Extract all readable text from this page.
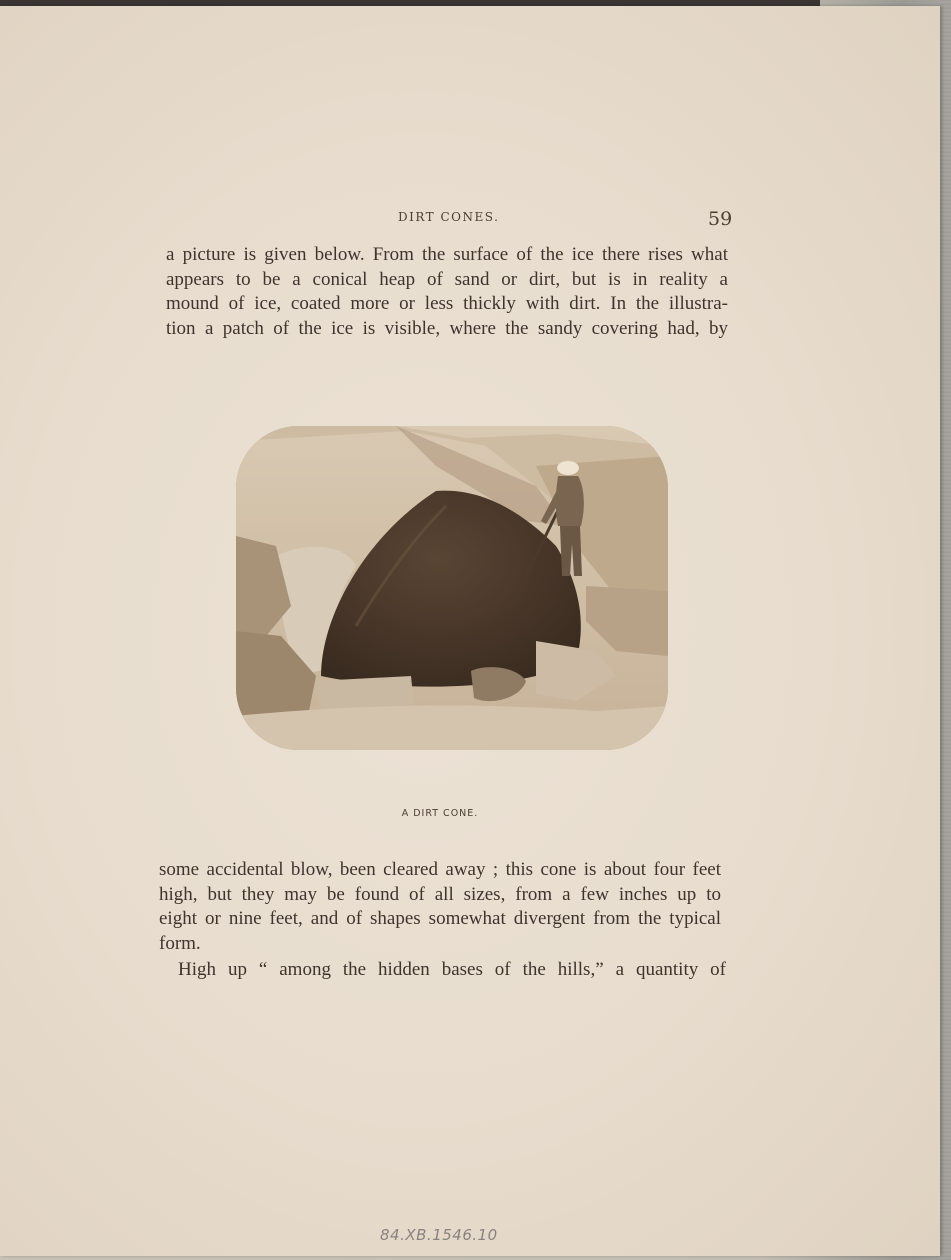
DIRT CONES.	59
a picture is given below. From the surface of the ice there rises what
appears to be a conical heap of sand or dirt, but is in reality a
mound of ice, coated more or less thickly with dirt. In the illustra-
tion a patch of the ice is visible, where the sandy covering had, by
A DIRT CONE.
some accidental blow, been cleared away ; this cone is about four feet
high, but they may be found of all sizes, from a few inches up to
eight or nine feet, and of shapes somewhat divergent from the typical
form.
High up “ among the hidden bases of the hills,” a quantity of
84.XB.1546.10
